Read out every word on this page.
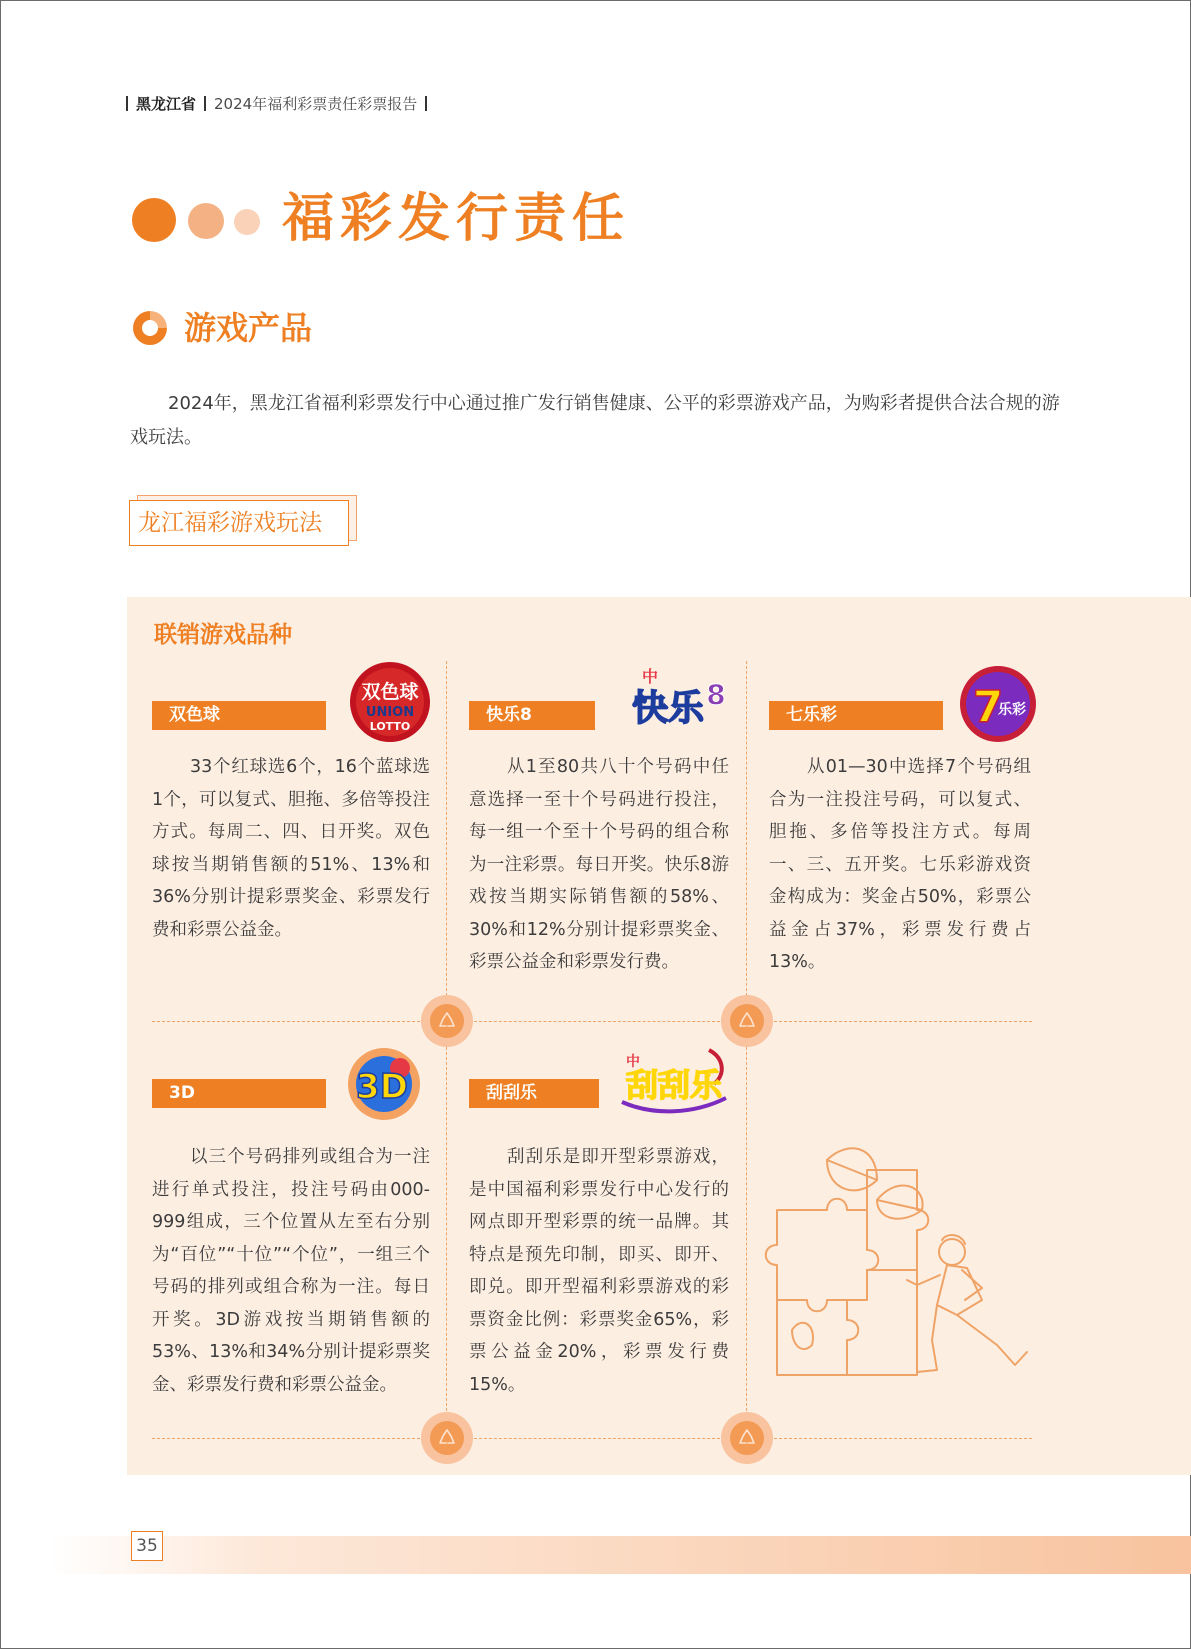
黑龙江省 2024年福利彩票责任彩票报告
福彩发行责任
游戏产品

2024年，黑龙江省福利彩票发行中心通过推广发行销售健康、公平的彩票游戏产品，为购彩者提供合法合规的游戏玩法。

龙江福彩游戏玩法
联销游戏品种
双色球
双色球
UNION
LOTTO

33个红球选6个，16个蓝球选1个，可以复式、胆拖、多倍等投注方式。每周二、四、日开奖。双色球按当期销售额的51%、13%和36%分别计提彩票奖金、彩票发行费和彩票公益金。

快乐8
中
快乐 8

从1至80共八十个号码中任意选择一至十个号码进行投注，每一组一个至十个号码的组合称为一注彩票。每日开奖。快乐8游戏按当期实际销售额的58%、30%和12%分别计提彩票奖金、彩票公益金和彩票发行费。

七乐彩	7
乐彩

从01—30中选择7个号码组合为一注投注号码，可以复式、胆拖、多倍等投注方式。每周一、三、五开奖。七乐彩游戏资金构成为：奖金占50%，彩票公益金占37%，彩票发行费占13%。

3D	3D

以三个号码排列或组合为一注进行单式投注，投注号码由000-999组成，三个位置从左至右分别为“百位”“十位”“个位”，一组三个号码的排列或组合称为一注。每日开奖。3D游戏按当期销售额的53%、13%和34%分别计提彩票奖金、彩票发行费和彩票公益金。

刮刮乐
中
刮刮乐

刮刮乐是即开型彩票游戏，是中国福利彩票发行中心发行的网点即开型彩票的统一品牌。其特点是预先印制，即买、即开、即兑。即开型福利彩票游戏的彩票资金比例：彩票奖金65%，彩票公益金20%，彩票发行费15%。

35
